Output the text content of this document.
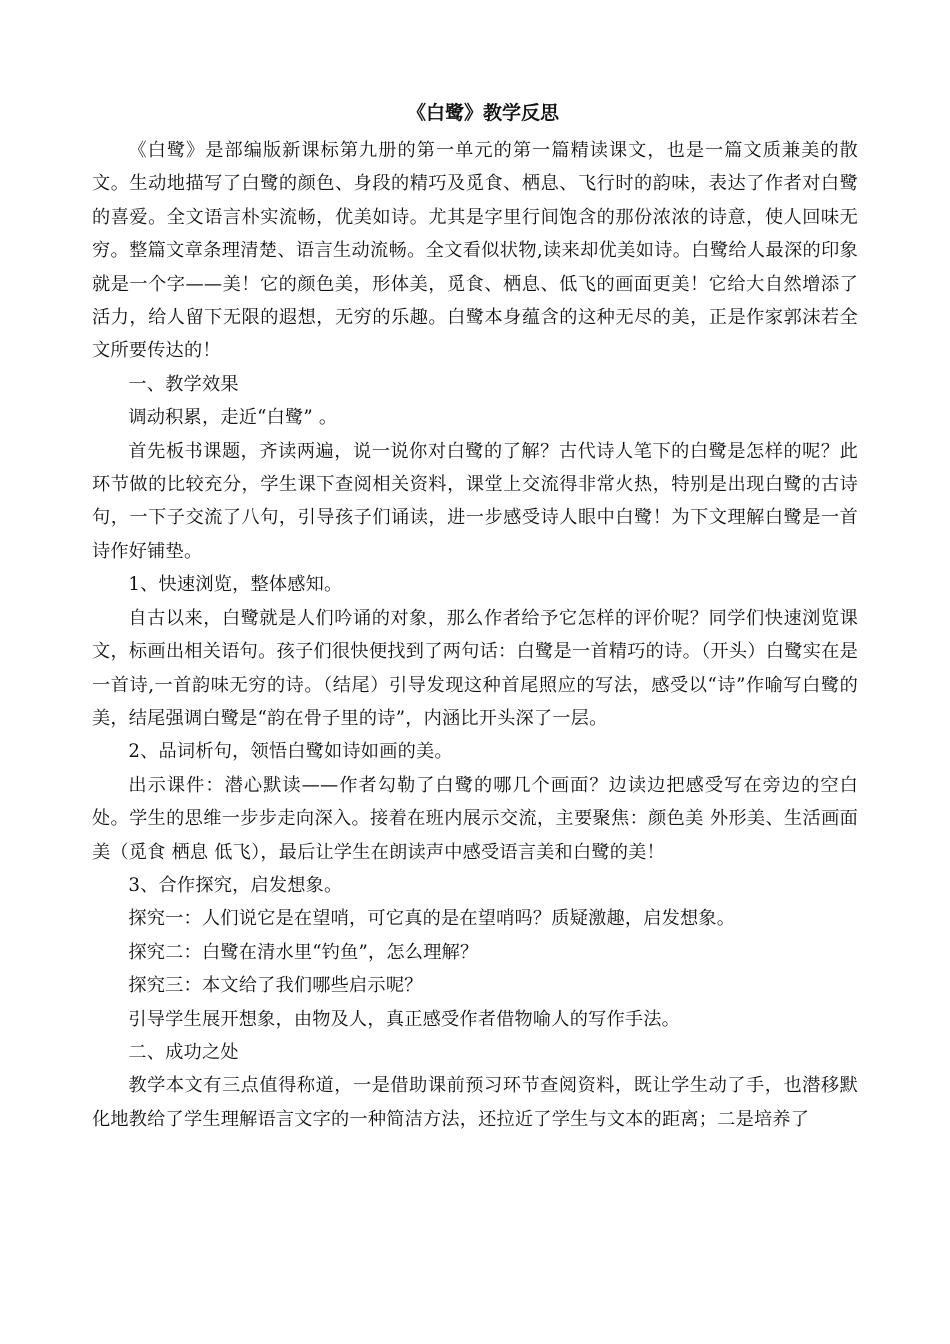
《白鹭》教学反思

《白鹭》是部编版新课标第九册的第一单元的第一篇精读课文，也是一篇文质兼美的散文。生动地描写了白鹭的颜色、身段的精巧及觅食、栖息、飞行时的韵味，表达了作者对白鹭的喜爱。全文语言朴实流畅，优美如诗。尤其是字里行间饱含的那份浓浓的诗意，使人回味无穷。整篇文章条理清楚、语言生动流畅。全文看似状物,读来却优美如诗。白鹭给人最深的印象就是一个字——美！它的颜色美，形体美，觅食、栖息、低飞的画面更美！它给大自然增添了活力，给人留下无限的遐想，无穷的乐趣。白鹭本身蕴含的这种无尽的美，正是作家郭沫若全文所要传达的！

一、教学效果

调动积累，走近“白鹭” 。

首先板书课题，齐读两遍，说一说你对白鹭的了解？古代诗人笔下的白鹭是怎样的呢？此环节做的比较充分，学生课下查阅相关资料，课堂上交流得非常火热，特别是出现白鹭的古诗句，一下子交流了八句，引导孩子们诵读，进一步感受诗人眼中白鹭！为下文理解白鹭是一首诗作好铺垫。

1、快速浏览，整体感知。

自古以来，白鹭就是人们吟诵的对象，那么作者给予它怎样的评价呢？同学们快速浏览课文，标画出相关语句。孩子们很快便找到了两句话：白鹭是一首精巧的诗。（开头）白鹭实在是一首诗,一首韵味无穷的诗。（结尾）引导发现这种首尾照应的写法，感受以“诗”作喻写白鹭的美，结尾强调白鹭是“韵在骨子里的诗”，内涵比开头深了一层。

2、品词析句，领悟白鹭如诗如画的美。

出示课件：潜心默读——作者勾勒了白鹭的哪几个画面？边读边把感受写在旁边的空白处。学生的思维一步步走向深入。接着在班内展示交流，主要聚焦：颜色美 外形美、生活画面美（觅食 栖息 低飞），最后让学生在朗读声中感受语言美和白鹭的美！

3、合作探究，启发想象。

探究一：人们说它是在望哨，可它真的是在望哨吗？质疑激趣，启发想象。

探究二：白鹭在清水里“钓鱼”，怎么理解？

探究三：本文给了我们哪些启示呢？

引导学生展开想象，由物及人，真正感受作者借物喻人的写作手法。

二、成功之处

教学本文有三点值得称道，一是借助课前预习环节查阅资料，既让学生动了手，也潜移默化地教给了学生理解语言文字的一种简洁方法，还拉近了学生与文本的距离；二是培养了
